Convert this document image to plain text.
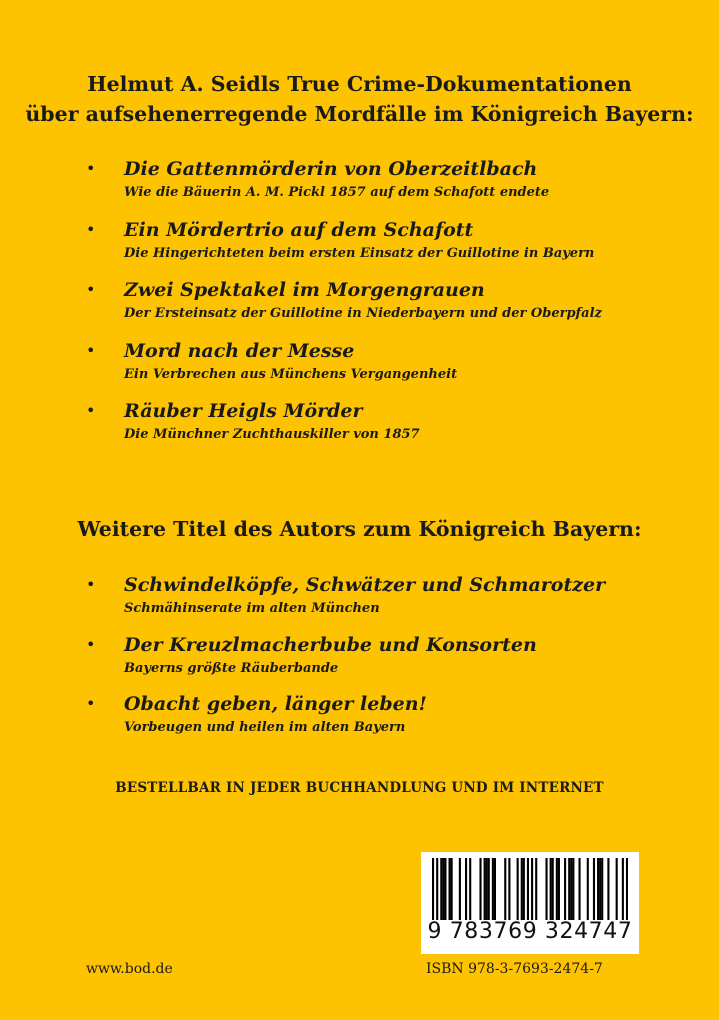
Helmut A. Seidls True Crime-Dokumentationen
über aufsehenerregende Mordfälle im Königreich Bayern:
• Die Gattenmörderin von Oberzeitlbach
Wie die Bäuerin A. M. Pickl 1857 auf dem Schafott endete
• Ein Mördertrio auf dem Schafott
Die Hingerichteten beim ersten Einsatz der Guillotine in Bayern
• Zwei Spektakel im Morgengrauen
Der Ersteinsatz der Guillotine in Niederbayern und der Oberpfalz
• Mord nach der Messe
Ein Verbrechen aus Münchens Vergangenheit
• Räuber Heigls Mörder
Die Münchner Zuchthauskiller von 1857
Weitere Titel des Autors zum Königreich Bayern:
• Schwindelköpfe, Schwätzer und Schmarotzer
Schmähinserate im alten München
• Der Kreuzlmacherbube und Konsorten
Bayerns größte Räuberbande
• Obacht geben, länger leben!
Vorbeugen und heilen im alten Bayern
BESTELLBAR IN JEDER BUCHHANDLUNG UND IM INTERNET
9 783769 324747
www.bod.de	ISBN 978-3-7693-2474-7
